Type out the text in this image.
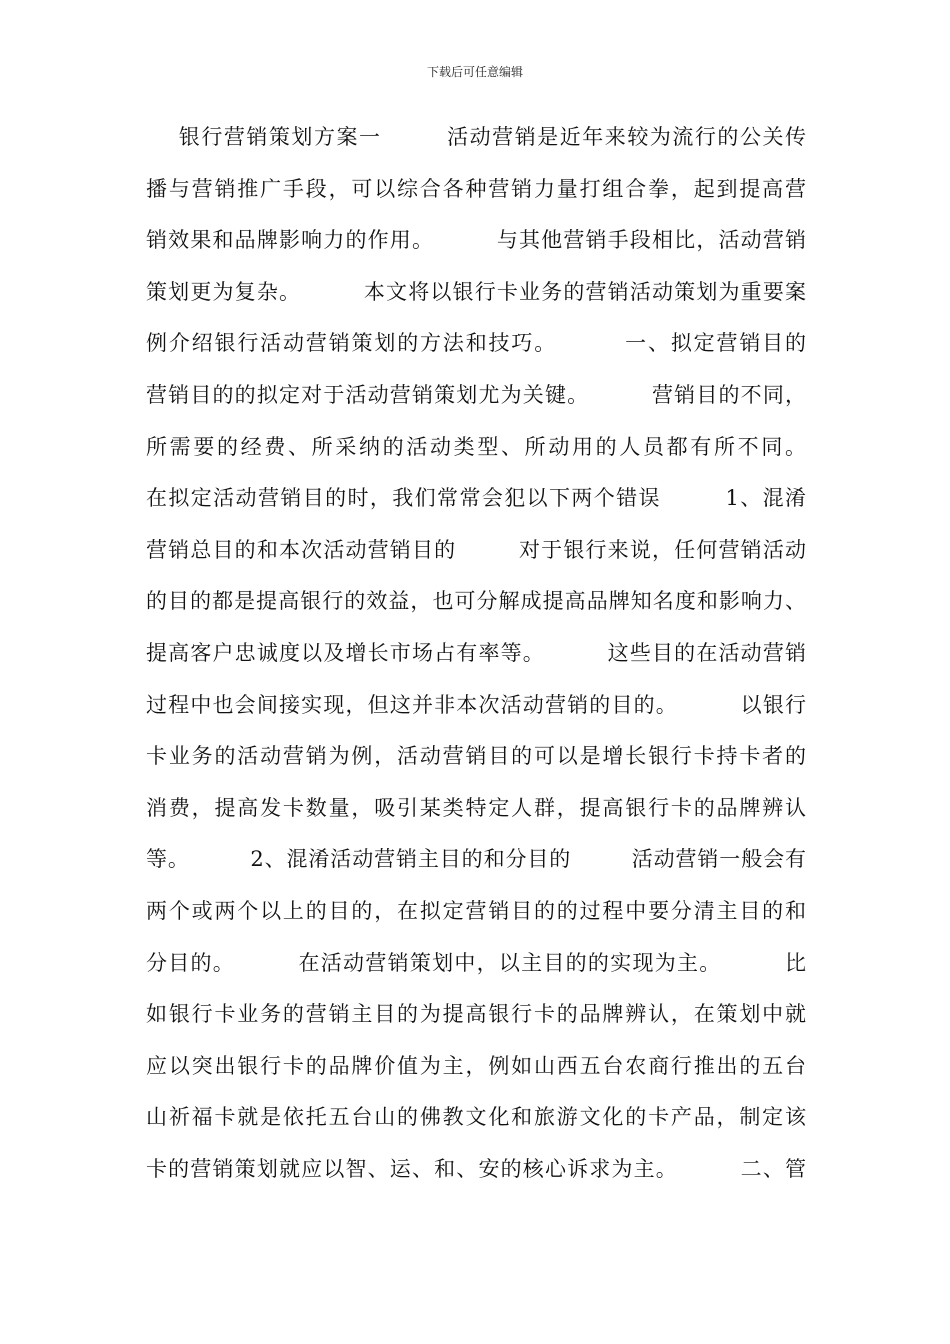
下载后可任意编辑
银行营销策划方案一        活动营销是近年来较为流行的公关传
播与营销推广手段，可以综合各种营销力量打组合拳，起到提高营
销效果和品牌影响力的作用。        与其他营销手段相比，活动营销
策划更为复杂。        本文将以银行卡业务的营销活动策划为重要案
例介绍银行活动营销策划的方法和技巧。        一、拟定营销目的
营销目的的拟定对于活动营销策划尤为关键。        营销目的不同，
所需要的经费、所采纳的活动类型、所动用的人员都有所不同。
在拟定活动营销目的时，我们常常会犯以下两个错误        1、混淆
营销总目的和本次活动营销目的        对于银行来说，任何营销活动
的目的都是提高银行的效益，也可分解成提高品牌知名度和影响力、
提高客户忠诚度以及增长市场占有率等。        这些目的在活动营销
过程中也会间接实现，但这并非本次活动营销的目的。        以银行
卡业务的活动营销为例，活动营销目的可以是增长银行卡持卡者的
消费，提高发卡数量，吸引某类特定人群，提高银行卡的品牌辨认
等。        2、混淆活动营销主目的和分目的        活动营销一般会有
两个或两个以上的目的，在拟定营销目的的过程中要分清主目的和
分目的。        在活动营销策划中，以主目的的实现为主。        比
如银行卡业务的营销主目的为提高银行卡的品牌辨认，在策划中就
应以突出银行卡的品牌价值为主，例如山西五台农商行推出的五台
山祈福卡就是依托五台山的佛教文化和旅游文化的卡产品，制定该
卡的营销策划就应以智、运、和、安的核心诉求为主。        二、管
